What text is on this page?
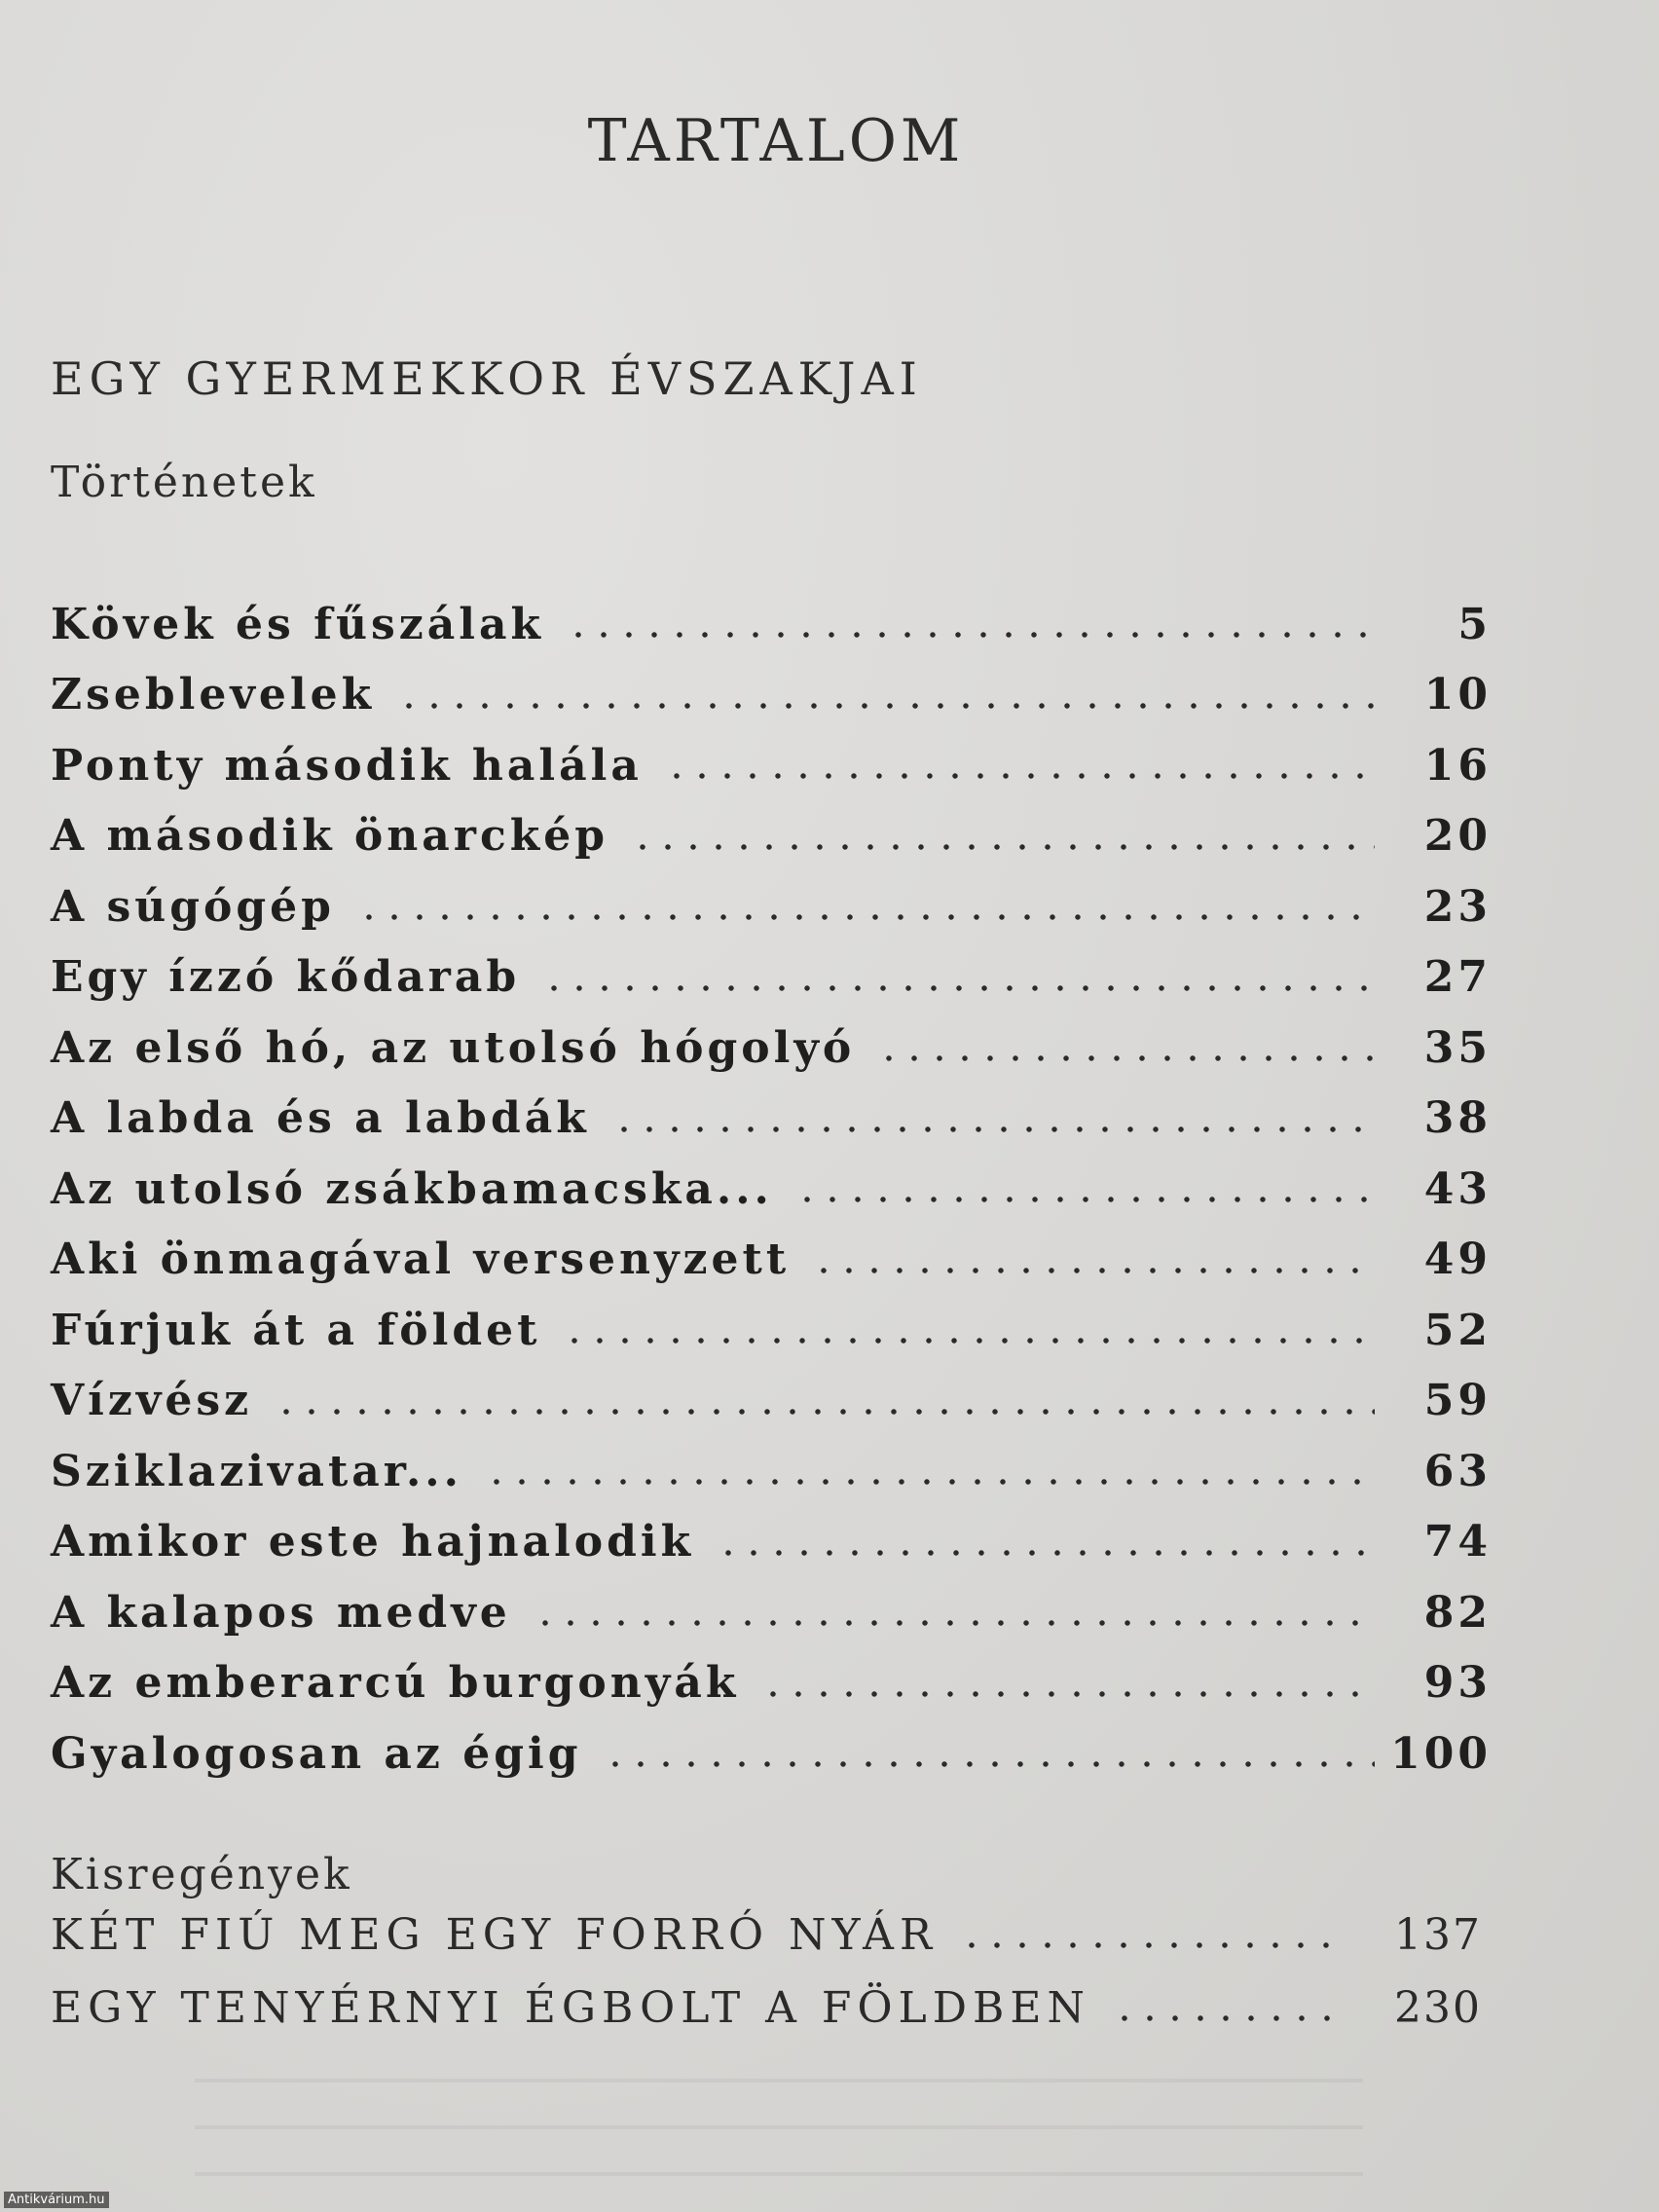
TARTALOM
EGY GYERMEKKOR ÉVSZAKJAI
Történetek
Kövek és fűszálak	5
Zseblevelek	10
Ponty második halála	16
A második önarckép	20
A súgógép	23
Egy ízzó kődarab	27
Az első hó, az utolsó hógolyó	35
A labda és a labdák	38
Az utolsó zsákbamacska...	43
Aki önmagával versenyzett	49
Fúrjuk át a földet	52
Vízvész	59
Sziklazivatar...	63
Amikor este hajnalodik	74
A kalapos medve	82
Az emberarcú burgonyák	93
Gyalogosan az égig	100
Kisregények
KÉT FIÚ MEG EGY FORRÓ NYÁR	137
EGY TENYÉRNYI ÉGBOLT A FÖLDBEN	230
Antikvárium.hu
